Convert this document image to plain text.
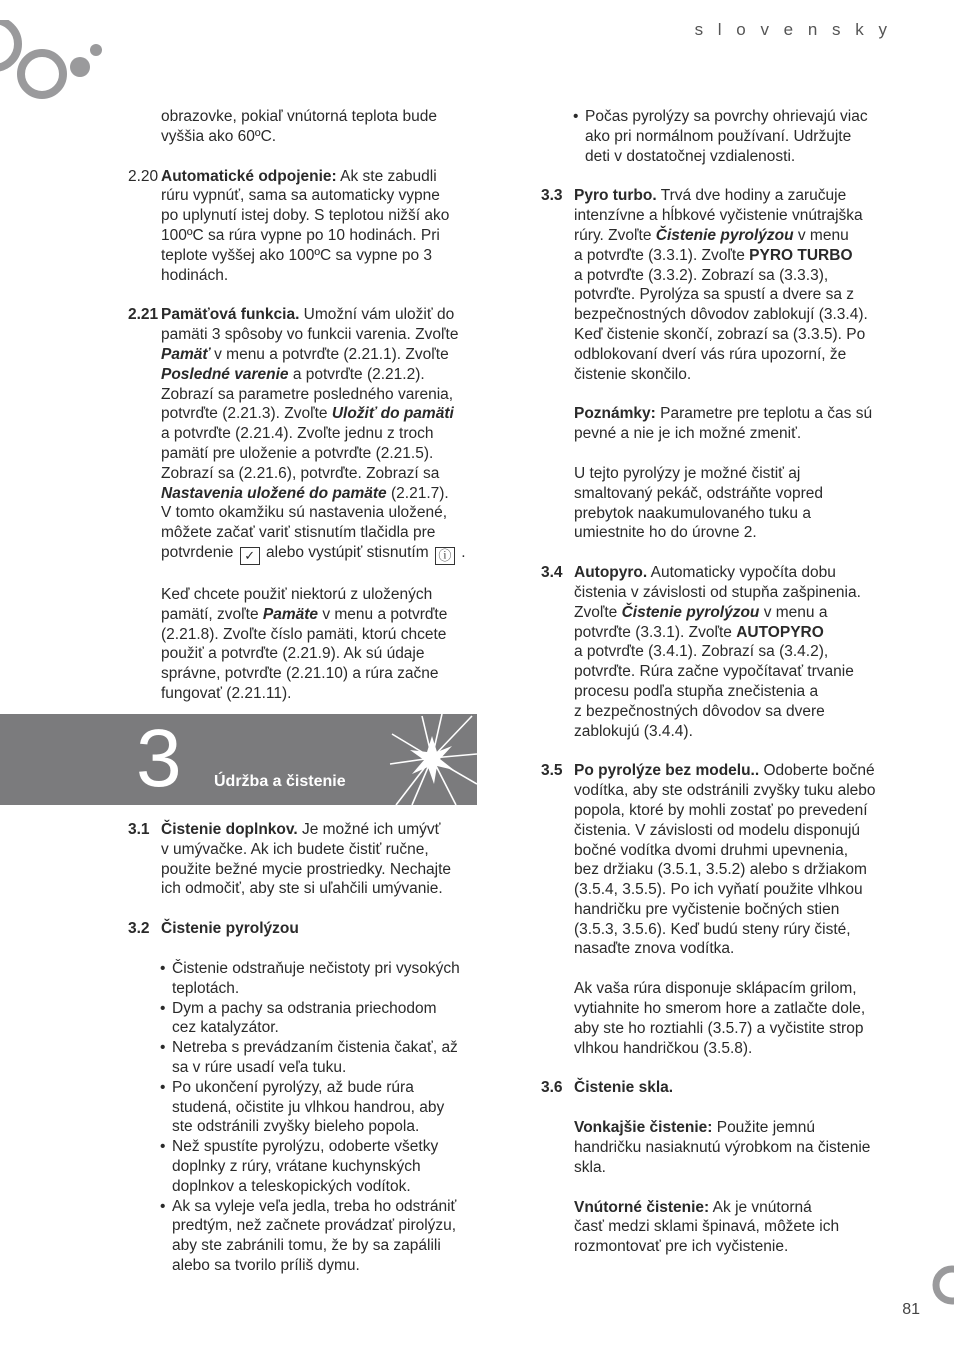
s l o v e n s k y
81

obrazovke, pokiaľ vnútorná teplota bude

vyššia ako 60ºC.

2.20 Automatické odpojenie: Ak ste zabudli

rúru vypnúť, sama sa automaticky vypne

po uplynutí istej doby. S teplotou nižší ako

100ºC sa rúra vypne po 10 hodinách. Pri

teplote vyššej ako 100ºC sa vypne po 3

hodinách.

2.21 Pamäťová funkcia. Umožní vám uložiť do

pamäti 3 spôsoby vo funkcii varenia. Zvoľte

Pamäť v menu a potvrďte (2.21.1). Zvoľte

Posledné varenie a potvrďte (2.21.2).

Zobrazí sa parametre posledného varenia,

potvrďte (2.21.3). Zvoľte Uložiť do pamäti

a potvrďte (2.21.4). Zvoľte jednu z troch

pamätí pre uloženie a potvrďte (2.21.5).

Zobrazí sa (2.21.6), potvrďte. Zobrazí sa

Nastavenia uložené do pamäte (2.21.7).

V tomto okamžiku sú nastavenia uložené,

môžete začať variť stisnutím tlačidla pre

potvrdenie ✓ alebo vystúpiť stisnutím ⓘ .

Keď chcete použiť niektorú z uložených

pamätí, zvoľte Pamäte v menu a potvrďte

(2.21.8). Zvoľte číslo pamäti, ktorú chcete

použiť a potvrďte (2.21.9). Ak sú údaje

správne, potvrďte (2.21.10) a rúra začne

fungovať (2.21.11).

3 Údržba a čistenie
3.1 Čistenie doplnkov. Je možné ich umývť

v umývačke. Ak ich budete čistiť ručne,

použite bežné mycie prostriedky. Nechajte

ich odmočiť, aby ste si uľahčili umývanie.

3.2 Čistenie pyrolýzou

• Čistenie odstraňuje nečistoty pri vysokých

teplotách.

• Dym a pachy sa odstrania priechodom

cez katalyzátor.

• Netreba s prevádzaním čistenia čakať, až

sa v rúre usadí veľa tuku.

• Po ukončení pyrolýzy, až bude rúra

studená, očistite ju vlhkou handrou, aby

ste odstránili zvyšky bieleho popola.

• Než spustíte pyrolýzu, odoberte všetky

doplnky z rúry, vrátane kuchynských

doplnkov a teleskopických vodítok.

• Ak sa vyleje veľa jedla, treba ho odstrániť

predtým, než začnete provádzať pirolýzu,

aby ste zabránili tomu, že by sa zapálili

alebo sa tvorilo príliš dymu.

• Počas pyrolýzy sa povrchy ohrievajú viac

ako pri normálnom používaní. Udržujte

deti v dostatočnej vzdialenosti.

3.3 Pyro turbo. Trvá dve hodiny a zaručuje

intenzívne a hĺbkové vyčistenie vnútrajška

rúry. Zvoľte Čistenie pyrolýzou v menu

a potvrďte (3.3.1). Zvoľte PYRO TURBO

a potvrďte (3.3.2). Zobrazí sa (3.3.3),

potvrďte. Pyrolýza sa spustí a dvere sa z

bezpečnostných dôvodov zablokují (3.3.4).

Keď čistenie skončí, zobrazí sa (3.3.5). Po

odblokovaní dverí vás rúra upozorní, že

čistenie skončilo.

Poznámky: Parametre pre teplotu a čas sú

pevné a nie je ich možné zmeniť.

U tejto pyrolýzy je možné čistiť aj

smaltovaný pekáč, odstráňte vopred

prebytok naakumulovaného tuku a

umiestnite ho do úrovne 2.

3.4 Autopyro. Automaticky vypočíta dobu

čistenia v závislosti od stupňa zašpinenia.

Zvoľte Čistenie pyrolýzou v menu a

potvrďte (3.3.1). Zvoľte AUTOPYRO

a potvrďte (3.4.1). Zobrazí sa (3.4.2),

potvrďte. Rúra začne vypočítavať trvanie

procesu podľa stupňa znečistenia a

z bezpečnostných dôvodov sa dvere

zablokujú (3.4.4).

3.5 Po pyrolýze bez modelu.. Odoberte bočné

vodítka, aby ste odstránili zvyšky tuku alebo

popola, ktoré by mohli zostať po prevedení

čistenia. V závislosti od modelu disponujú

bočné vodítka dvomi druhmi upevnenia,

bez držiaku (3.5.1, 3.5.2) alebo s držiakom

(3.5.4, 3.5.5). Po ich vyňatí použite vlhkou

handričku pre vyčistenie bočných stien

(3.5.3, 3.5.6). Keď budú steny rúry čisté,

nasaďte znova vodítka.

Ak vaša rúra disponuje sklápacím grilom,

vytiahnite ho smerom hore a zatlačte dole,

aby ste ho roztiahli (3.5.7) a vyčistite strop

vlhkou handričkou (3.5.8).

3.6 Čistenie skla.

Vonkajšie čistenie: Použite jemnú

handričku nasiaknutú výrobkom na čistenie

skla.

Vnútorné čistenie: Ak je vnútorná

časť medzi sklami špinavá, môžete ich

rozmontovať pre ich vyčistenie.
